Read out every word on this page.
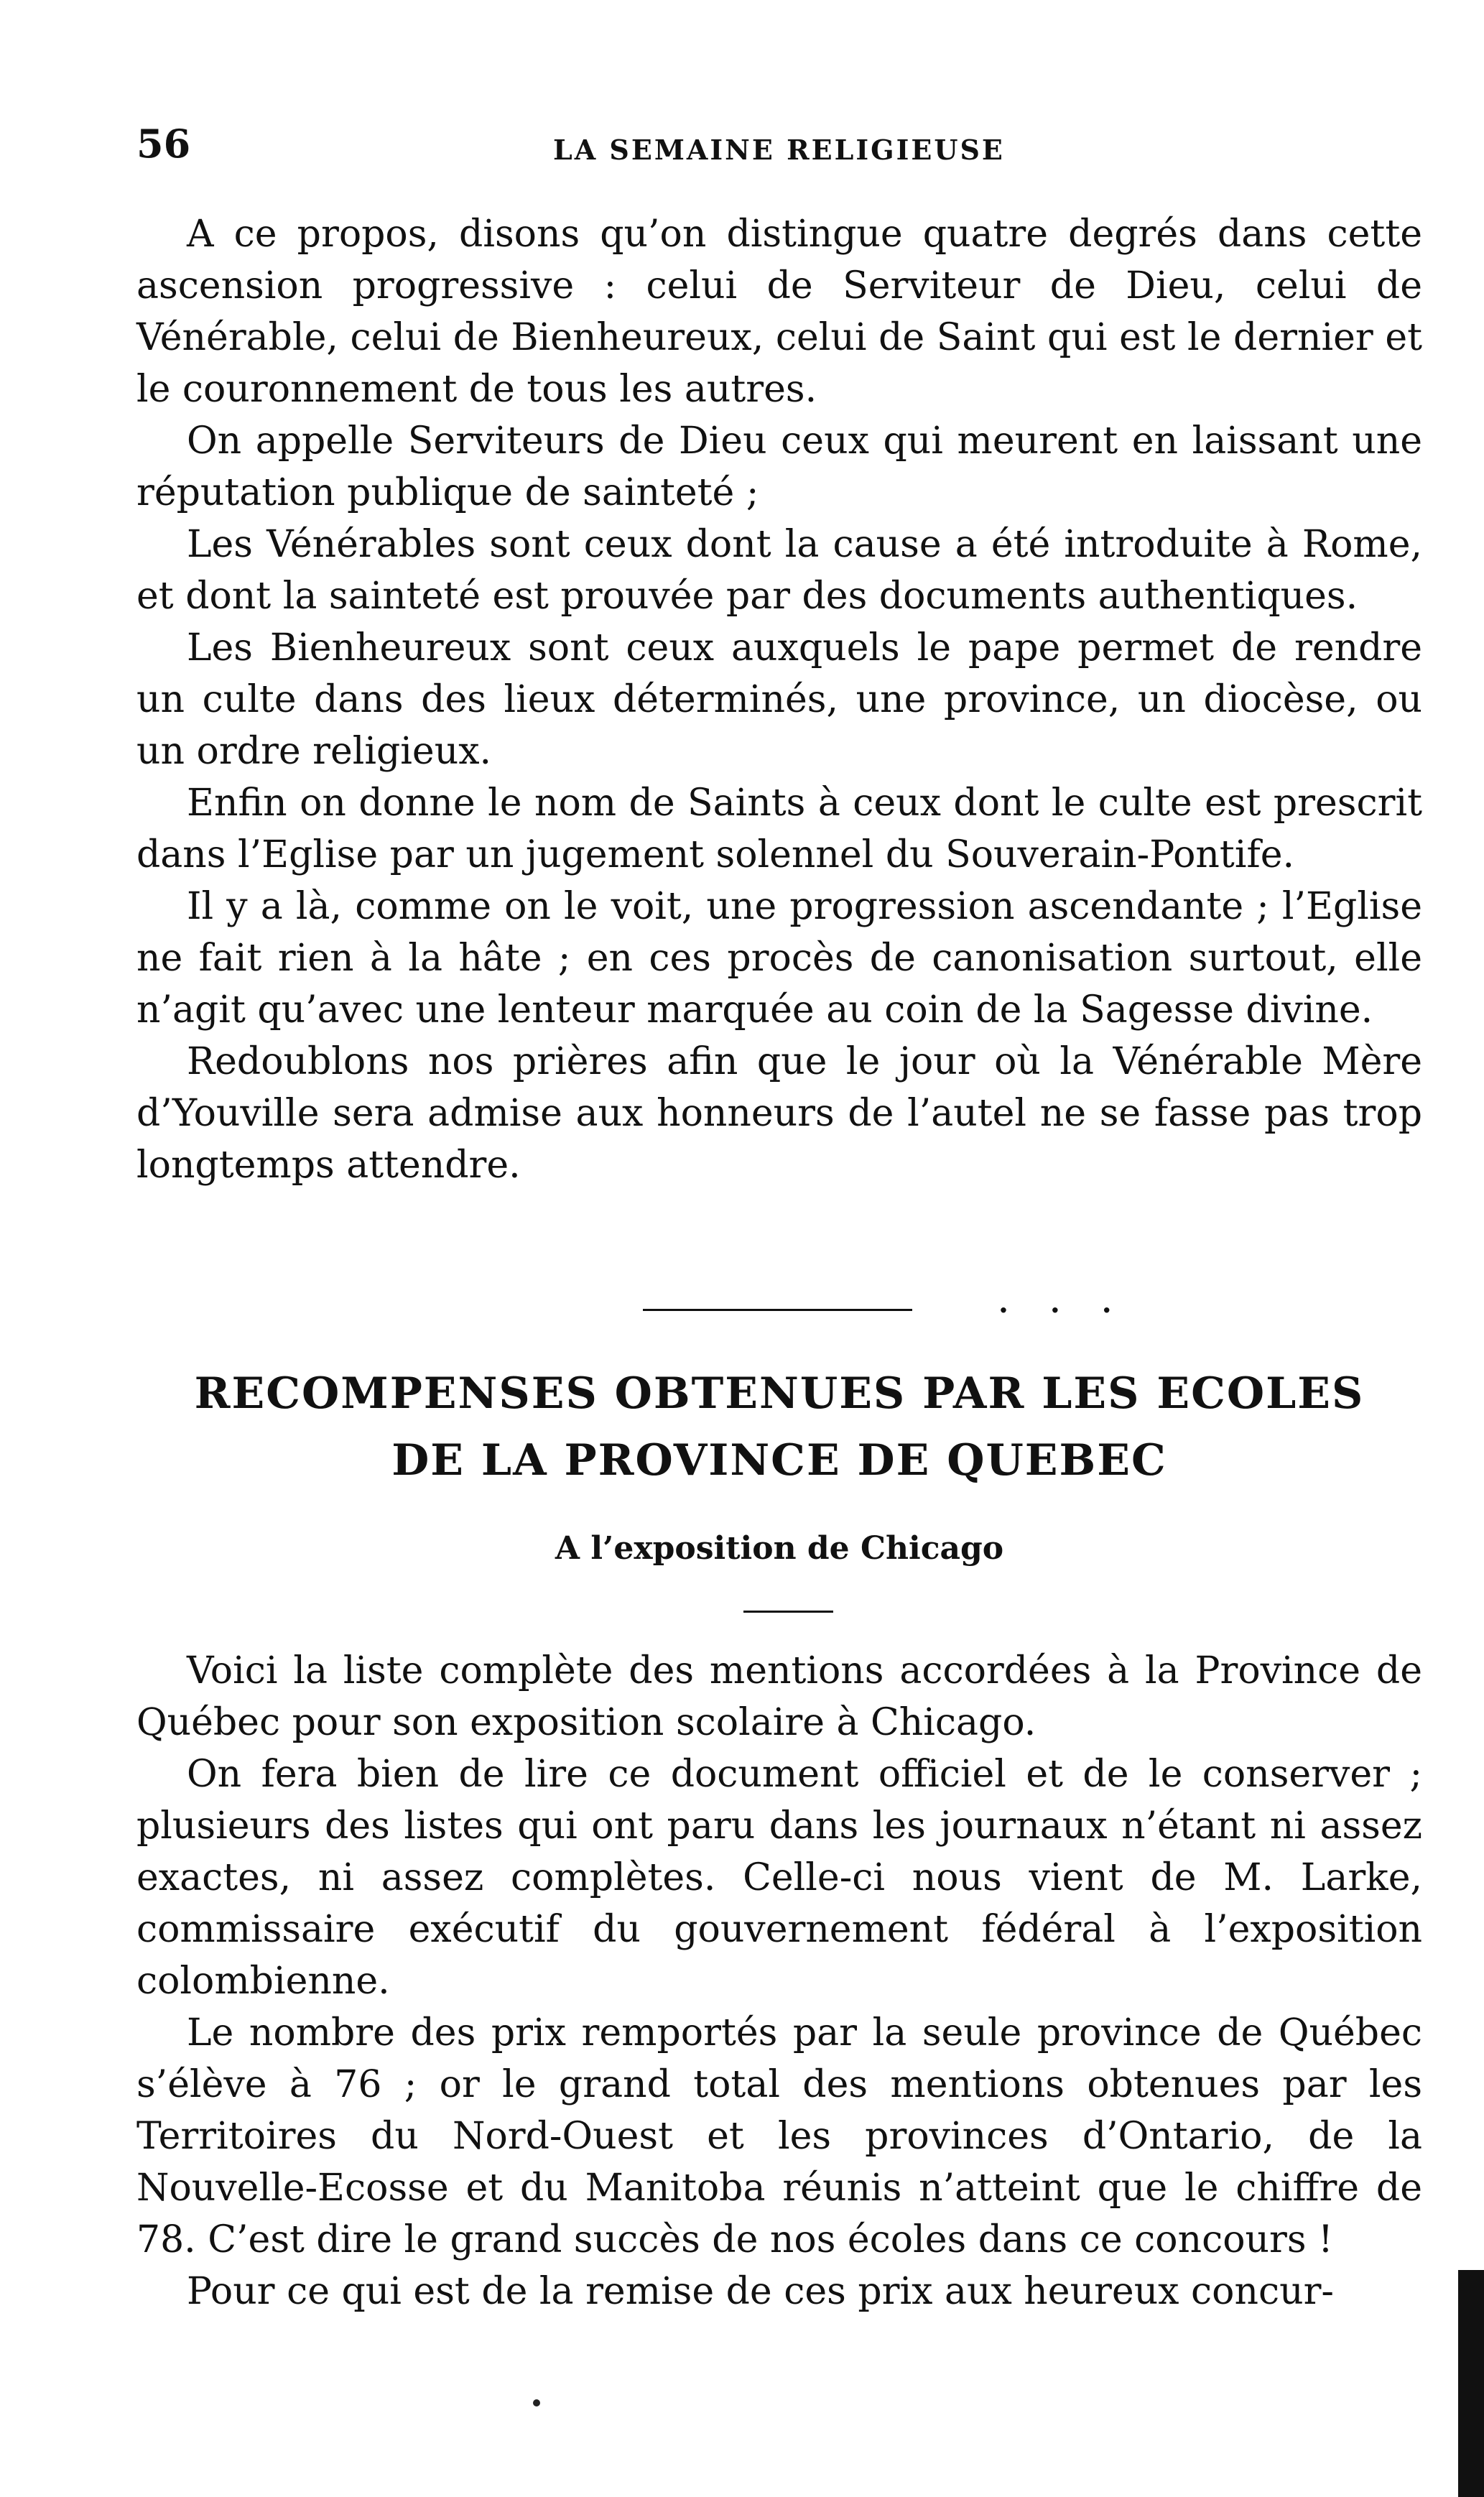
56	LA SEMAINE RELIGIEUSE

A ce propos, disons qu’on distingue quatre degrés dans cette ascension progressive : celui de Serviteur de Dieu, celui de Vénérable, celui de Bienheureux, celui de Saint qui est le dernier et le couronnement de tous les autres.

On appelle Serviteurs de Dieu ceux qui meurent en laissant une réputation publique de sainteté ;

Les Vénérables sont ceux dont la cause a été introduite à Rome, et dont la sainteté est prouvée par des documents authentiques.

Les Bienheureux sont ceux auxquels le pape permet de rendre un culte dans des lieux déterminés, une province, un diocèse, ou un ordre religieux.

Enfin on donne le nom de Saints à ceux dont le culte est prescrit dans l’Eglise par un jugement solennel du Souverain-Pontife.

Il y a là, comme on le voit, une progression ascendante ; l’Eglise ne fait rien à la hâte ; en ces procès de canonisation surtout, elle n’agit qu’avec une lenteur marquée au coin de la Sagesse divine.

Redoublons nos prières afin que le jour où la Vénérable Mère d’Youville sera admise aux honneurs de l’autel ne se fasse pas trop longtemps attendre.

. . .
RECOMPENSES OBTENUES PAR LES ECOLES
DE LA PROVINCE DE QUEBEC
A l’exposition de Chicago

Voici la liste complète des mentions accordées à la Province de Québec pour son exposition scolaire à Chicago.

On fera bien de lire ce document officiel et de le conserver ; plusieurs des listes qui ont paru dans les journaux n’étant ni assez exactes, ni assez complètes. Celle-ci nous vient de M. Larke, commissaire exécutif du gouvernement fédéral à l’exposition colombienne.

Le nombre des prix remportés par la seule province de Québec s’élève à 76 ; or le grand total des mentions obtenues par les Territoires du Nord-Ouest et les provinces d’Ontario, de la Nouvelle-Ecosse et du Manitoba réunis n’atteint que le chiffre de 78. C’est dire le grand succès de nos écoles dans ce concours !

Pour ce qui est de la remise de ces prix aux heureux concur-
